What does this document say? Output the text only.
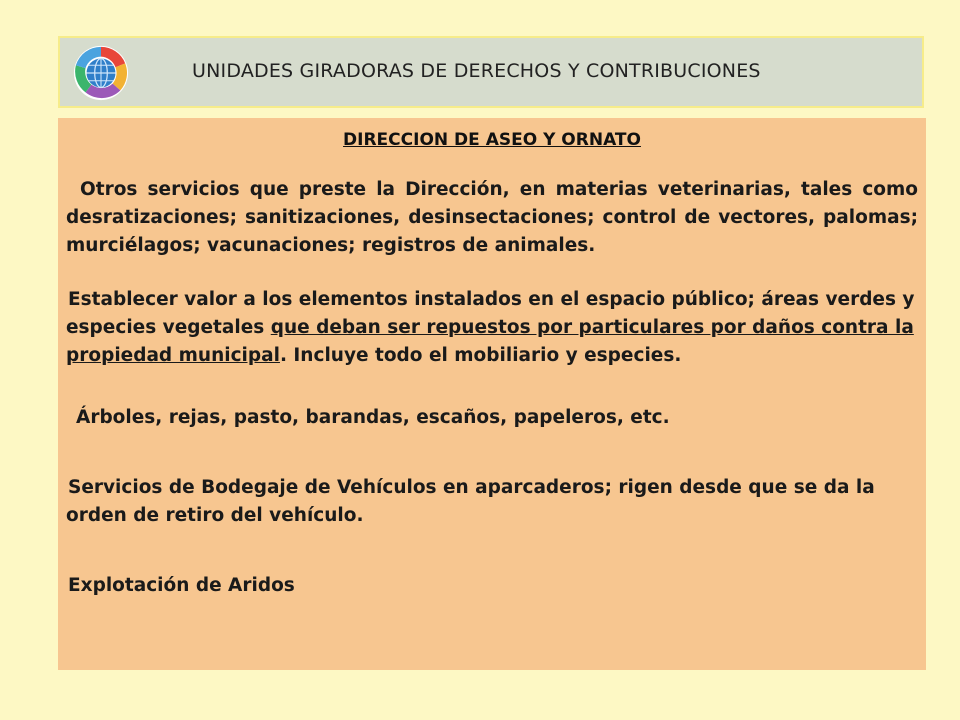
UNIDADES GIRADORAS DE DERECHOS Y CONTRIBUCIONES
DIRECCION DE ASEO Y ORNATO
Otros servicios que preste la Dirección, en materias veterinarias, tales como desratizaciones; sanitizaciones, desinsectaciones; control de vectores, palomas; murciélagos; vacunaciones; registros de animales.
Establecer valor a los elementos instalados en el espacio público; áreas verdes y especies vegetales que deban ser repuestos por particulares por daños contra la propiedad municipal. Incluye todo el mobiliario y especies.
Árboles, rejas, pasto, barandas, escaños, papeleros, etc.
Servicios de Bodegaje de Vehículos en aparcaderos; rigen desde que se da la orden de retiro del vehículo.
Explotación de Aridos
